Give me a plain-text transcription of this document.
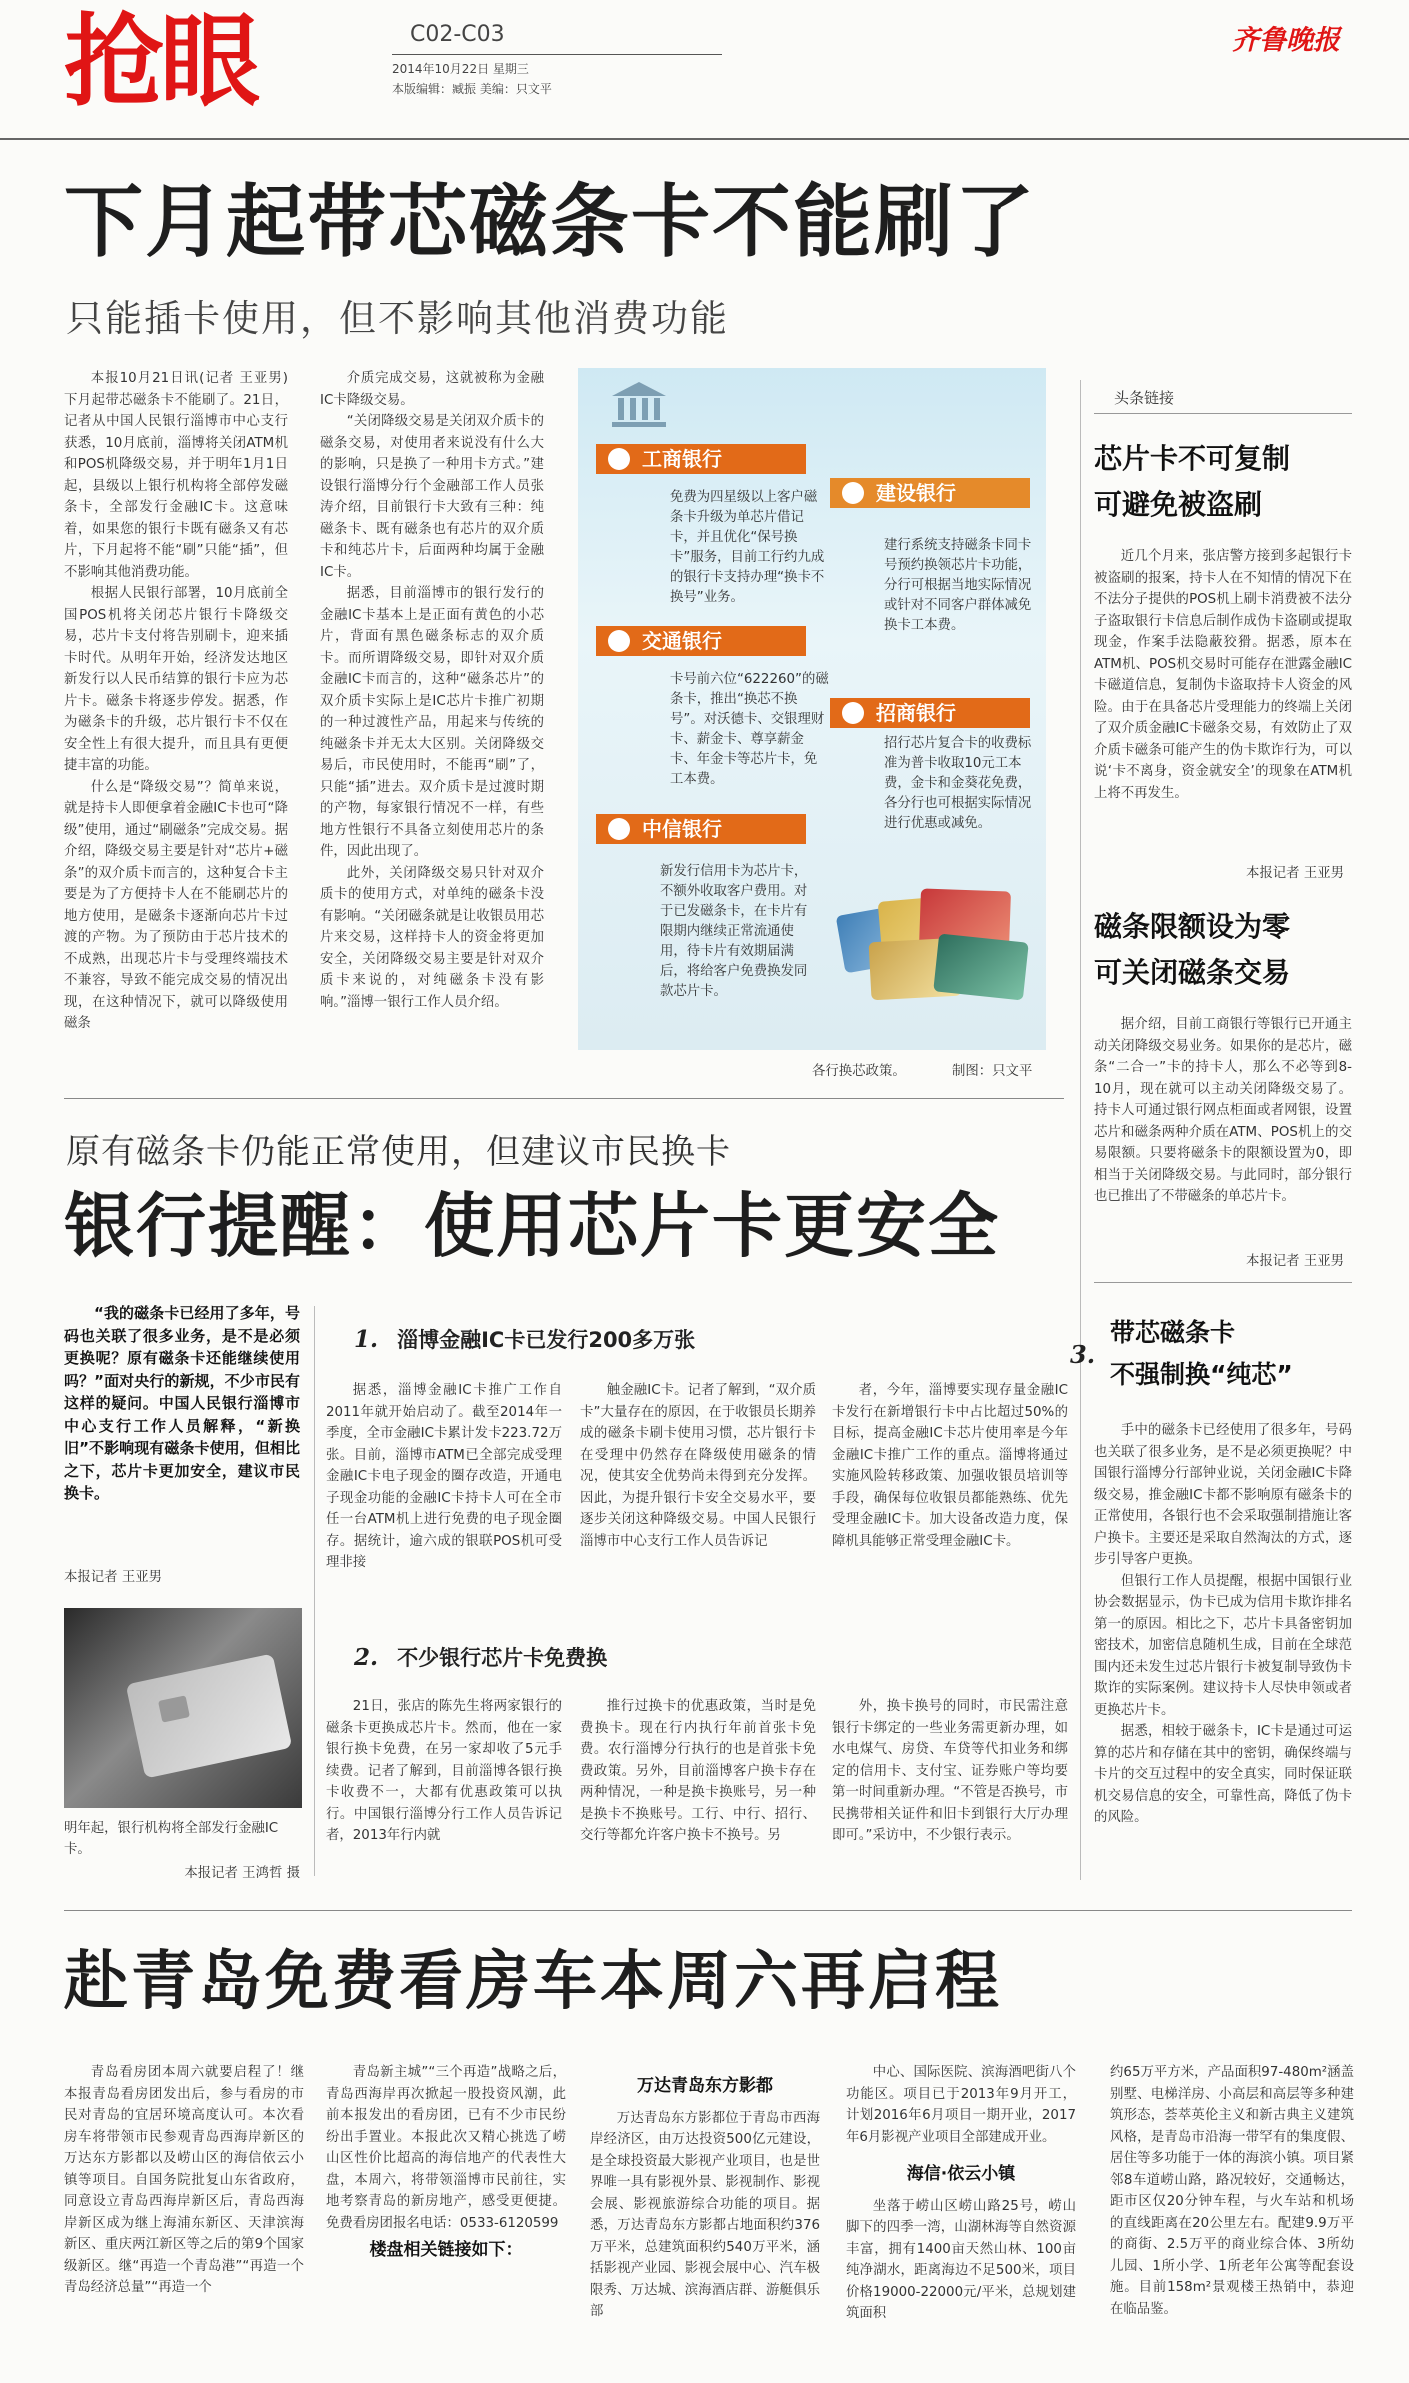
抢眼	C02-C03
2014年10月22日 星期三
本版编辑：臧振 美编：只文平
齐鲁晚报
下月起带芯磁条卡不能刷了
只能插卡使用，但不影响其他消费功能

本报10月21日讯(记者 王亚男) 下月起带芯磁条卡不能刷了。21日，记者从中国人民银行淄博市中心支行获悉，10月底前，淄博将关闭ATM机和POS机降级交易，并于明年1月1日起，县级以上银行机构将全部停发磁条卡，全部发行金融IC卡。这意味着，如果您的银行卡既有磁条又有芯片，下月起将不能“刷”只能“插”，但不影响其他消费功能。

根据人民银行部署，10月底前全国POS机将关闭芯片银行卡降级交易，芯片卡支付将告别刷卡，迎来插卡时代。从明年开始，经济发达地区新发行以人民币结算的银行卡应为芯片卡。磁条卡将逐步停发。据悉，作为磁条卡的升级，芯片银行卡不仅在安全性上有很大提升，而且具有更便捷丰富的功能。

什么是“降级交易”？简单来说，就是持卡人即便拿着金融IC卡也可“降级”使用，通过“刷磁条”完成交易。据介绍，降级交易主要是针对“芯片+磁条”的双介质卡而言的，这种复合卡主要是为了方便持卡人在不能刷芯片的地方使用，是磁条卡逐渐向芯片卡过渡的产物。为了预防由于芯片技术的不成熟，出现芯片卡与受理终端技术不兼容，导致不能完成交易的情况出现，在这种情况下，就可以降级使用磁条

介质完成交易，这就被称为金融IC卡降级交易。

“关闭降级交易是关闭双介质卡的磁条交易，对使用者来说没有什么大的影响，只是换了一种用卡方式。”建设银行淄博分行个金融部工作人员张涛介绍，目前银行卡大致有三种：纯磁条卡、既有磁条也有芯片的双介质卡和纯芯片卡，后面两种均属于金融IC卡。

据悉，目前淄博市的银行发行的金融IC卡基本上是正面有黄色的小芯片，背面有黑色磁条标志的双介质卡。而所谓降级交易，即针对双介质金融IC卡而言的，这种“磁条芯片”的双介质卡实际上是IC芯片卡推广初期的一种过渡性产品，用起来与传统的纯磁条卡并无太大区别。关闭降级交易后，市民使用时，不能再“刷”了，只能“插”进去。双介质卡是过渡时期的产物，每家银行情况不一样，有些地方性银行不具备立刻使用芯片的条件，因此出现了。

此外，关闭降级交易只针对双介质卡的使用方式，对单纯的磁条卡没有影响。“关闭磁条就是让收银员用芯片来交易，这样持卡人的资金将更加安全，关闭降级交易主要是针对双介质卡来说的，对纯磁条卡没有影响。”淄博一银行工作人员介绍。

工商银行
免费为四星级以上客户磁条卡升级为单芯片借记卡，并且优化“保号换卡”服务，目前工行约九成的银行卡支持办理“换卡不换号”业务。
建设银行
建行系统支持磁条卡同卡号预约换领芯片卡功能，分行可根据当地实际情况或针对不同客户群体减免换卡工本费。
交通银行
卡号前六位“622260”的磁条卡，推出“换芯不换号”。对沃德卡、交银理财卡、薪金卡、尊享薪金卡、年金卡等芯片卡，免工本费。
招商银行
招行芯片复合卡的收费标准为普卡收取10元工本费，金卡和金葵花免费，各分行也可根据实际情况进行优惠或减免。
中信银行
新发行信用卡为芯片卡，不额外收取客户费用。对于已发磁条卡，在卡片有限期内继续正常流通使用，待卡片有效期届满后，将给客户免费换发同款芯片卡。
各行换芯政策。	制图：只文平
头条链接
芯片卡不可复制
可避免被盗刷

近几个月来，张店警方接到多起银行卡被盗刷的报案，持卡人在不知情的情况下在不法分子提供的POS机上刷卡消费被不法分子盗取银行卡信息后制作成伪卡盗刷或提取现金，作案手法隐蔽狡猾。据悉，原本在ATM机、POS机交易时可能存在泄露金融IC卡磁道信息，复制伪卡盗取持卡人资金的风险。由于在具备芯片受理能力的终端上关闭了双介质金融IC卡磁条交易，有效防止了双介质卡磁条可能产生的伪卡欺诈行为，可以说‘卡不离身，资金就安全’的现象在ATM机上将不再发生。

本报记者 王亚男
磁条限额设为零
可关闭磁条交易

据介绍，目前工商银行等银行已开通主动关闭降级交易业务。如果你的是芯片，磁条“二合一”卡的持卡人，那么不必等到8-10月，现在就可以主动关闭降级交易了。持卡人可通过银行网点柜面或者网银，设置芯片和磁条两种介质在ATM、POS机上的交易限额。只要将磁条卡的限额设置为0，即相当于关闭降级交易。与此同时，部分银行也已推出了不带磁条的单芯片卡。

本报记者 王亚男
3.
带芯磁条卡
不强制换“纯芯”

手中的磁条卡已经使用了很多年，号码也关联了很多业务，是不是必须更换呢？中国银行淄博分行部钟业说，关闭金融IC卡降级交易，推金融IC卡都不影响原有磁条卡的正常使用，各银行也不会采取强制措施让客户换卡。主要还是采取自然淘汰的方式，逐步引导客户更换。

但银行工作人员提醒，根据中国银行业协会数据显示，伪卡已成为信用卡欺诈排名第一的原因。相比之下，芯片卡具备密钥加密技术，加密信息随机生成，目前在全球范围内还未发生过芯片银行卡被复制导致伪卡欺诈的实际案例。建议持卡人尽快申领或者更换芯片卡。

据悉，相较于磁条卡，IC卡是通过可运算的芯片和存储在其中的密钥，确保终端与卡片的交互过程中的安全真实，同时保证联机交易信息的安全，可靠性高，降低了伪卡的风险。

原有磁条卡仍能正常使用，但建议市民换卡
银行提醒：使用芯片卡更安全

“我的磁条卡已经用了多年，号码也关联了很多业务，是不是必须更换呢？原有磁条卡还能继续使用吗？”面对央行的新规，不少市民有这样的疑问。中国人民银行淄博市中心支行工作人员解释，“新换旧”不影响现有磁条卡使用，但相比之下，芯片卡更加安全，建议市民换卡。

本报记者 王亚男
明年起，银行机构将全部发行金融IC卡。
本报记者 王鸿哲 摄
1. 淄博金融IC卡已发行200多万张

据悉，淄博金融IC卡推广工作自2011年就开始启动了。截至2014年一季度，全市金融IC卡累计发卡223.72万张。目前，淄博市ATM已全部完成受理金融IC卡电子现金的圈存改造，开通电子现金功能的金融IC卡持卡人可在全市任一台ATM机上进行免费的电子现金圈存。据统计，逾六成的银联POS机可受理非接

触金融IC卡。记者了解到，“双介质卡”大量存在的原因，在于收银员长期养成的磁条卡刷卡使用习惯，芯片银行卡在受理中仍然存在降级使用磁条的情况，使其安全优势尚未得到充分发挥。因此，为提升银行卡安全交易水平，要逐步关闭这种降级交易。中国人民银行淄博市中心支行工作人员告诉记

者，今年，淄博要实现存量金融IC卡发行在新增银行卡中占比超过50%的目标，提高金融IC卡芯片使用率是今年金融IC卡推广工作的重点。淄博将通过实施风险转移政策、加强收银员培训等手段，确保每位收银员都能熟练、优先受理金融IC卡。加大设备改造力度，保障机具能够正常受理金融IC卡。

2. 不少银行芯片卡免费换

21日，张店的陈先生将两家银行的磁条卡更换成芯片卡。然而，他在一家银行换卡免费，在另一家却收了5元手续费。记者了解到，目前淄博各银行换卡收费不一，大都有优惠政策可以执行。中国银行淄博分行工作人员告诉记者，2013年行内就

推行过换卡的优惠政策，当时是免费换卡。现在行内执行年前首张卡免费。农行淄博分行执行的也是首张卡免费政策。另外，目前淄博客户换卡存在两种情况，一种是换卡换账号，另一种是换卡不换账号。工行、中行、招行、交行等都允许客户换卡不换号。另

外，换卡换号的同时，市民需注意银行卡绑定的一些业务需更新办理，如水电煤气、房贷、车贷等代扣业务和绑定的信用卡、支付宝、证券账户等均要第一时间重新办理。“不管是否换号，市民携带相关证件和旧卡到银行大厅办理即可。”采访中，不少银行表示。

赴青岛免费看房车本周六再启程

青岛看房团本周六就要启程了！继本报青岛看房团发出后，参与看房的市民对青岛的宜居环境高度认可。本次看房车将带领市民参观青岛西海岸新区的万达东方影都以及崂山区的海信依云小镇等项目。自国务院批复山东省政府，同意设立青岛西海岸新区后，青岛西海岸新区成为继上海浦东新区、天津滨海新区、重庆两江新区等之后的第9个国家级新区。继“再造一个青岛港”“再造一个青岛经济总量”“再造一个

青岛新主城”“三个再造”战略之后，青岛西海岸再次掀起一股投资风潮，此前本报发出的看房团，已有不少市民纷纷出手置业。本报此次又精心挑选了崂山区性价比超高的海信地产的代表性大盘，本周六，将带领淄博市民前往，实地考察青岛的新房地产，感受更便捷。免费看房团报名电话：0533-6120599

楼盘相关链接如下：
万达青岛东方影都

万达青岛东方影都位于青岛市西海岸经济区，由万达投资500亿元建设，是全球投资最大影视产业项目，也是世界唯一具有影视外景、影视制作、影视会展、影视旅游综合功能的项目。据悉，万达青岛东方影都占地面积约376万平米，总建筑面积约540万平米，涵括影视产业园、影视会展中心、汽车极限秀、万达城、滨海酒店群、游艇俱乐部

中心、国际医院、滨海酒吧街八个功能区。项目已于2013年9月开工，计划2016年6月项目一期开业，2017年6月影视产业项目全部建成开业。

海信·依云小镇

坐落于崂山区崂山路25号，崂山脚下的四季一湾，山湖林海等自然资源丰富，拥有1400亩天然山林、100亩纯净湖水，距离海边不足500米，项目价格19000-22000元/平米，总规划建筑面积

约65万平方米，产品面积97-480m²涵盖别墅、电梯洋房、小高层和高层等多种建筑形态，荟萃英伦主义和新古典主义建筑风格，是青岛市沿海一带罕有的集度假、居住等多功能于一体的海滨小镇。项目紧邻8车道崂山路，路况较好，交通畅达，距市区仅20分钟车程，与火车站和机场的直线距离在20公里左右。配建9.9万平的商街、2.5万平的商业综合体、3所幼儿园、1所小学、1所老年公寓等配套设施。目前158m²景观楼王热销中，恭迎在临品鉴。
